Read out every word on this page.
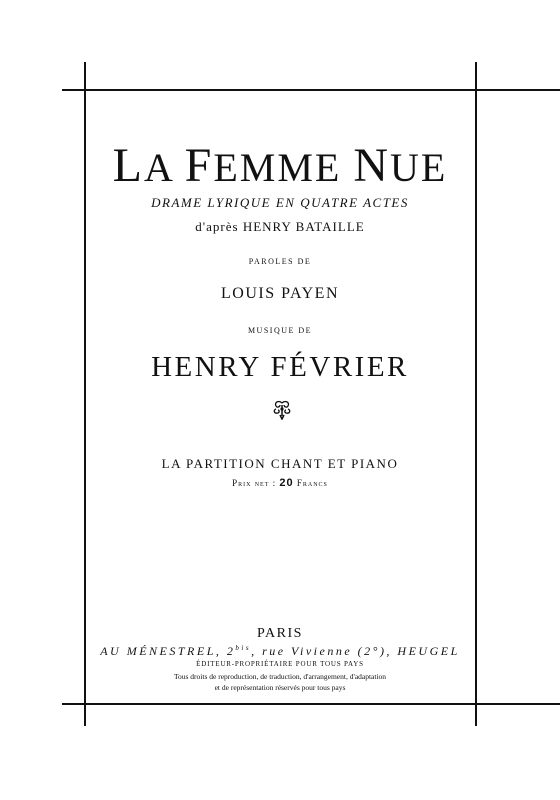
LA FEMME NUE
DRAME LYRIQUE EN QUATRE ACTES
d'après HENRY BATAILLE
PAROLES DE
LOUIS PAYEN
MUSIQUE DE
HENRY FÉVRIER
LA PARTITION CHANT ET PIANO
Prix net : 20 Francs
PARIS
AU MÉNESTREL, $2^{bis}$, rue Vivienne (2°), HEUGEL
ÉDITEUR-PROPRIÉTAIRE POUR TOUS PAYS
Tous droits de reproduction, de traduction, d'arrangement, d'adaptation
et de représentation réservés pour tous pays
